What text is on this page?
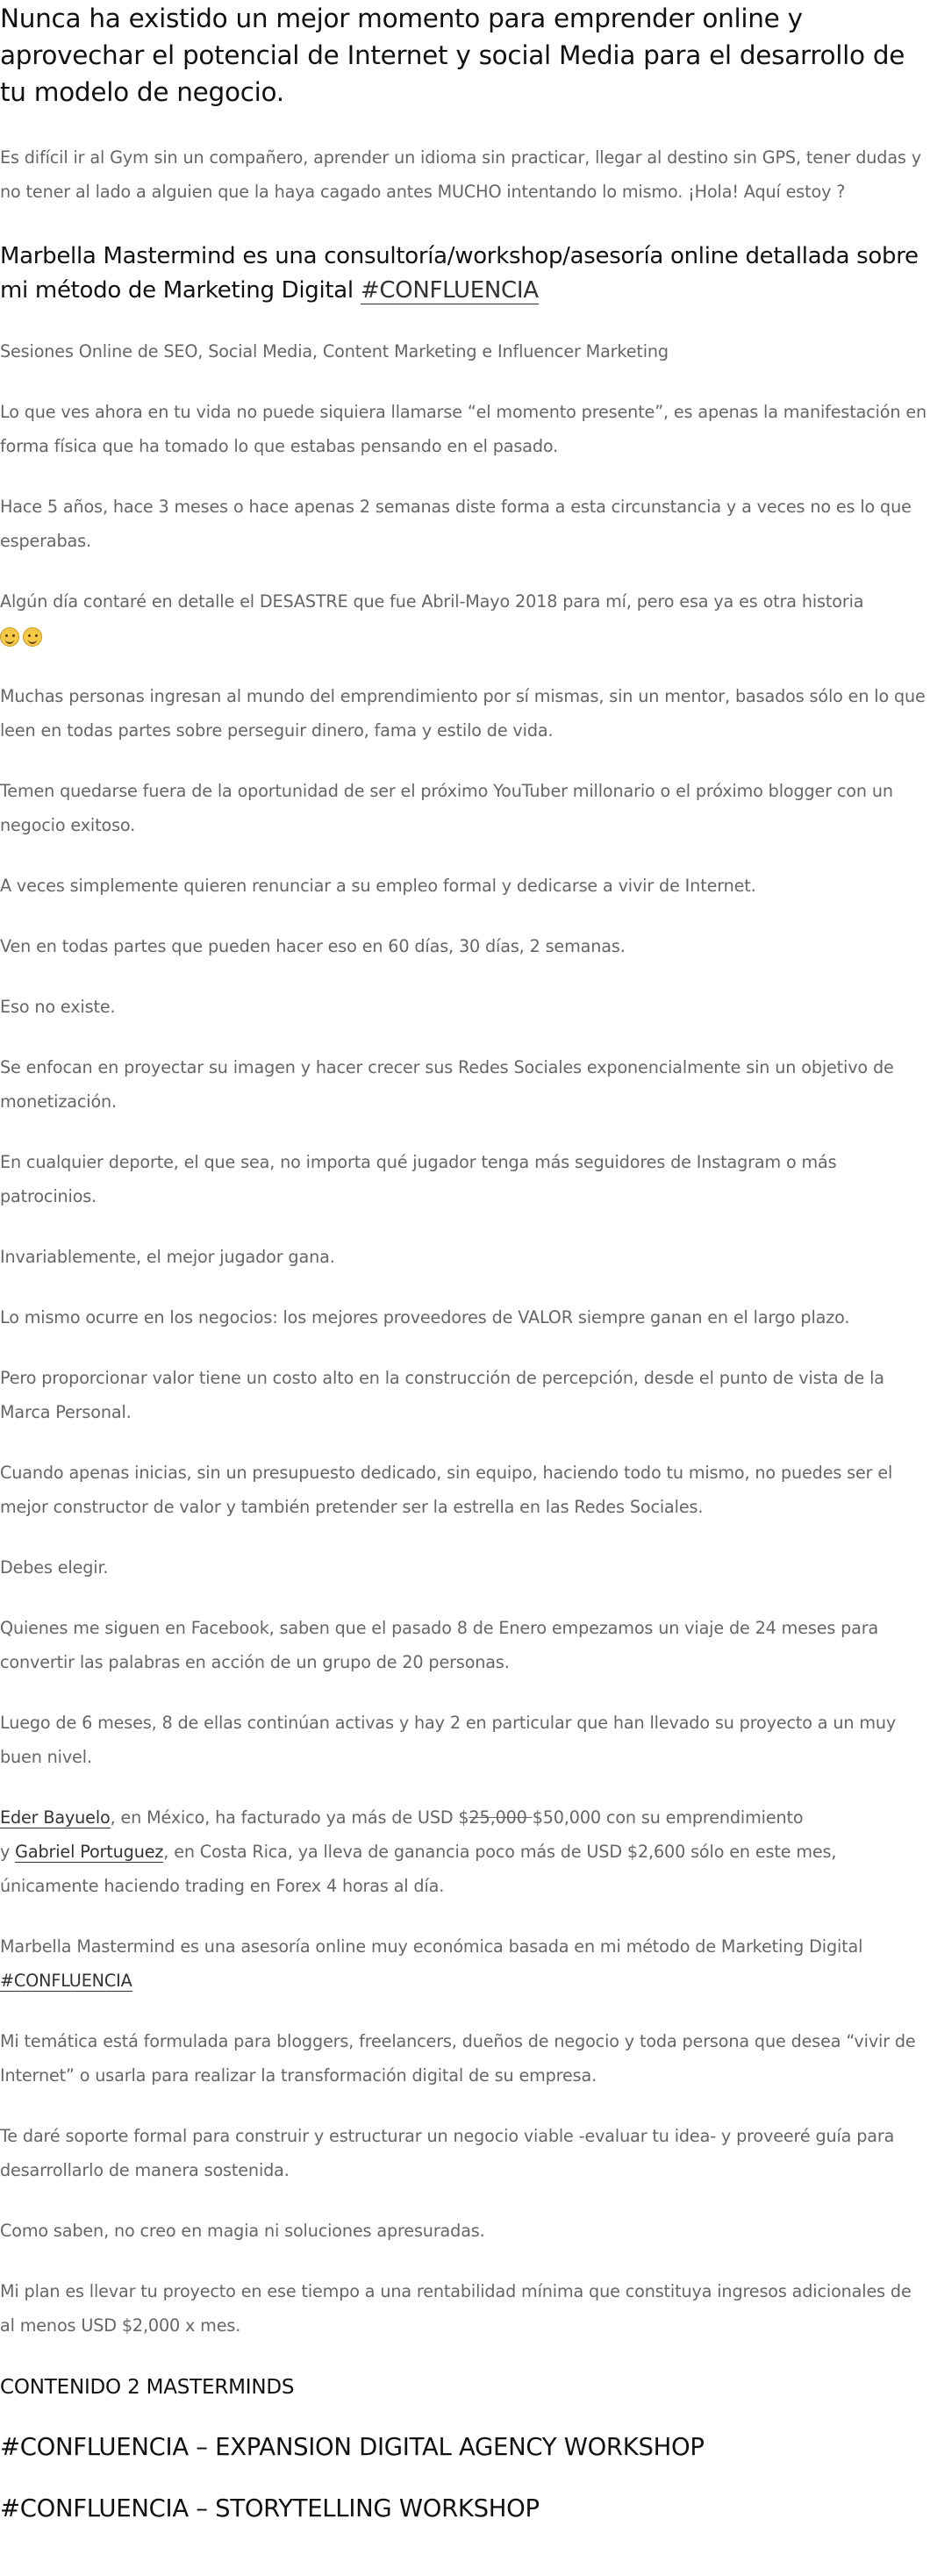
Nunca ha existido un mejor momento para emprender online y aprovechar el potencial de Internet y social Media para el desarrollo de tu modelo de negocio.

Es difícil ir al Gym sin un compañero, aprender un idioma sin practicar, llegar al destino sin GPS, tener dudas y no tener al lado a alguien que la haya cagado antes MUCHO intentando lo mismo. ¡Hola! Aquí estoy ?

Marbella Mastermind es una consultoría/workshop/asesoría online detallada sobre mi método de Marketing Digital #CONFLUENCIA

Sesiones Online de SEO, Social Media, Content Marketing e Influencer Marketing

Lo que ves ahora en tu vida no puede siquiera llamarse “el momento presente”, es apenas la manifestación en forma física que ha tomado lo que estabas pensando en el pasado.

Hace 5 años, hace 3 meses o hace apenas 2 semanas diste forma a esta circunstancia y a veces no es lo que esperabas.

Algún día contaré en detalle el DESASTRE que fue Abril-Mayo 2018 para mí, pero esa ya es otra historia

Muchas personas ingresan al mundo del emprendimiento por sí mismas, sin un mentor, basados sólo en lo que leen en todas partes sobre perseguir dinero, fama y estilo de vida.

Temen quedarse fuera de la oportunidad de ser el próximo YouTuber millonario o el próximo blogger con un negocio exitoso.

A veces simplemente quieren renunciar a su empleo formal y dedicarse a vivir de Internet.

Ven en todas partes que pueden hacer eso en 60 días, 30 días, 2 semanas.

Eso no existe.

Se enfocan en proyectar su imagen y hacer crecer sus Redes Sociales exponencialmente sin un objetivo de monetización.

En cualquier deporte, el que sea, no importa qué jugador tenga más seguidores de Instagram o más patrocinios.

Invariablemente, el mejor jugador gana.

Lo mismo ocurre en los negocios: los mejores proveedores de VALOR siempre ganan en el largo plazo.

Pero proporcionar valor tiene un costo alto en la construcción de percepción, desde el punto de vista de la Marca Personal.

Cuando apenas inicias, sin un presupuesto dedicado, sin equipo, haciendo todo tu mismo, no puedes ser el mejor constructor de valor y también pretender ser la estrella en las Redes Sociales.

Debes elegir.

Quienes me siguen en Facebook, saben que el pasado 8 de Enero empezamos un viaje de 24 meses para convertir las palabras en acción de un grupo de 20 personas.

Luego de 6 meses, 8 de ellas continúan activas y hay 2 en particular que han llevado su proyecto a un muy buen nivel.

Eder Bayuelo, en México, ha facturado ya más de USD $25,000 $50,000 con su emprendimiento
y Gabriel Portuguez, en Costa Rica, ya lleva de ganancia poco más de USD $2,600 sólo en este mes, únicamente haciendo trading en Forex 4 horas al día.

Marbella Mastermind es una asesoría online muy económica basada en mi método de Marketing Digital #CONFLUENCIA

Mi temática está formulada para bloggers, freelancers, dueños de negocio y toda persona que desea “vivir de Internet” o usarla para realizar la transformación digital de su empresa.

Te daré soporte formal para construir y estructurar un negocio viable -evaluar tu idea- y proveeré guía para desarrollarlo de manera sostenida.

Como saben, no creo en magia ni soluciones apresuradas.

Mi plan es llevar tu proyecto en ese tiempo a una rentabilidad mínima que constituya ingresos adicionales de al menos USD $2,000 x mes.

CONTENIDO 2 MASTERMINDS
#CONFLUENCIA – EXPANSION DIGITAL AGENCY WORKSHOP
#CONFLUENCIA – STORYTELLING WORKSHOP
